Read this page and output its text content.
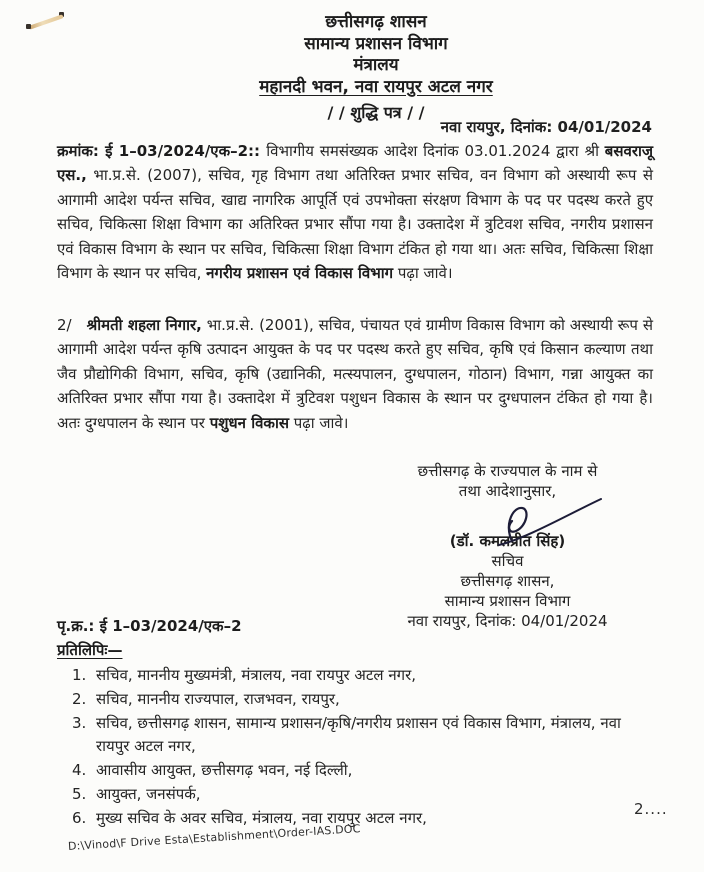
छत्तीसगढ़ शासन
सामान्य प्रशासन विभाग
मंत्रालय
महानदी भवन, नवा रायपुर अटल नगर
/ / शुद्धि पत्र / /
नवा रायपुर, दिनांक: 04/01/2024
क्रमांक: ई 1–03/2024/एक–2:: विभागीय समसंख्यक आदेश दिनांक 03.01.2024 द्वारा श्री बसवराजू एस., भा.प्र.से. (2007), सचिव, गृह विभाग तथा अतिरिक्त प्रभार सचिव, वन विभाग को अस्थायी रूप से आगामी आदेश पर्यन्त सचिव, खाद्य नागरिक आपूर्ति एवं उपभोक्ता संरक्षण विभाग के पद पर पदस्थ करते हुए सचिव, चिकित्सा शिक्षा विभाग का अतिरिक्त प्रभार सौंपा गया है। उक्तादेश में त्रुटिवश सचिव, नगरीय प्रशासन एवं विकास विभाग के स्थान पर सचिव, चिकित्सा शिक्षा विभाग टंकित हो गया था। अतः सचिव, चिकित्सा शिक्षा विभाग के स्थान पर सचिव, नगरीय प्रशासन एवं विकास विभाग पढ़ा जावे।
2/ श्रीमती शहला निगार, भा.प्र.से. (2001), सचिव, पंचायत एवं ग्रामीण विकास विभाग को अस्थायी रूप से आगामी आदेश पर्यन्त कृषि उत्पादन आयुक्त के पद पर पदस्थ करते हुए सचिव, कृषि एवं किसान कल्याण तथा जैव प्रौद्योगिकी विभाग, सचिव, कृषि (उद्यानिकी, मत्स्यपालन, दुग्धपालन, गोठान) विभाग, गन्ना आयुक्त का अतिरिक्त प्रभार सौंपा गया है। उक्तादेश में त्रुटिवश पशुधन विकास के स्थान पर दुग्धपालन टंकित हो गया है। अतः दुग्धपालन के स्थान पर पशुधन विकास पढ़ा जावे।
छत्तीसगढ़ के राज्यपाल के नाम से
तथा आदेशानुसार,
(डॉ. कमलप्रीत सिंह)
सचिव
छत्तीसगढ़ शासन,
सामान्य प्रशासन विभाग
नवा रायपुर, दिनांक: 04/01/2024
पृ.क्र.: ई 1–03/2024/एक–2
प्रतिलिपिः—
1. सचिव, माननीय मुख्यमंत्री, मंत्रालय, नवा रायपुर अटल नगर,
2. सचिव, माननीय राज्यपाल, राजभवन, रायपुर,
3. सचिव, छत्तीसगढ़ शासन, सामान्य प्रशासन/कृषि/नगरीय प्रशासन एवं विकास विभाग, मंत्रालय, नवा रायपुर अटल नगर,
4. आवासीय आयुक्त, छत्तीसगढ़ भवन, नई दिल्ली,
5. आयुक्त, जनसंपर्क,
6. मुख्य सचिव के अवर सचिव, मंत्रालय, नवा रायपुर अटल नगर,	2....
D:\Vinod\F Drive Esta\Establishment\Order-IAS.DOC
